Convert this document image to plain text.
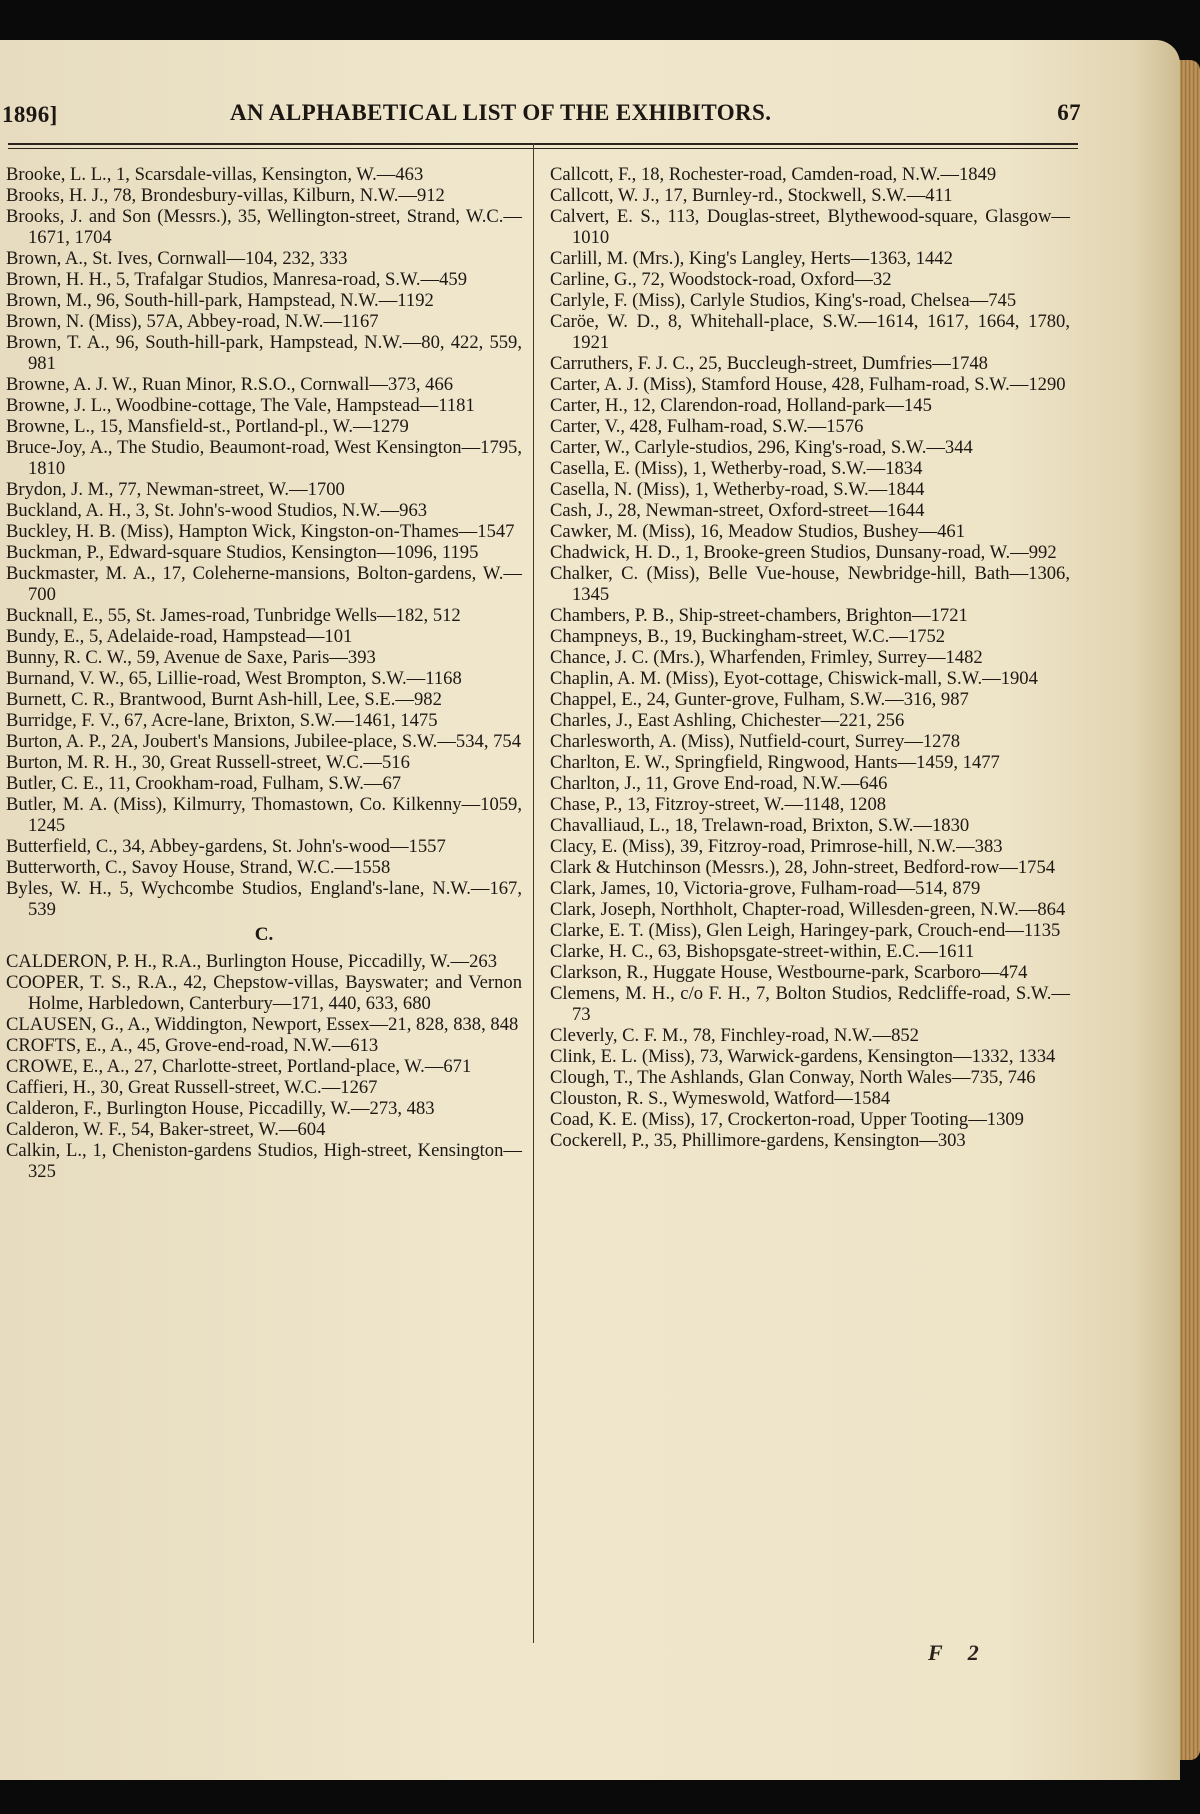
1896]	AN ALPHABETICAL LIST OF THE EXHIBITORS.	67

Brooke, L. L., 1, Scarsdale-villas, Kensington, W.—463

Brooks, H. J., 78, Brondesbury-villas, Kilburn, N.W.—912

Brooks, J. and Son (Messrs.), 35, Wellington-street, Strand, W.C.—1671, 1704

Brown, A., St. Ives, Cornwall—104, 232, 333

Brown, H. H., 5, Trafalgar Studios, Manresa-road, S.W.—459

Brown, M., 96, South-hill-park, Hampstead, N.W.—1192

Brown, N. (Miss), 57A, Abbey-road, N.W.—1167

Brown, T. A., 96, South-hill-park, Hampstead, N.W.—80, 422, 559, 981

Browne, A. J. W., Ruan Minor, R.S.O., Cornwall—373, 466

Browne, J. L., Woodbine-cottage, The Vale, Hampstead—1181

Browne, L., 15, Mansfield-st., Portland-pl., W.—1279

Bruce-Joy, A., The Studio, Beaumont-road, West Kensington—1795, 1810

Brydon, J. M., 77, Newman-street, W.—1700

Buckland, A. H., 3, St. John's-wood Studios, N.W.—963

Buckley, H. B. (Miss), Hampton Wick, Kingston-on-Thames—1547

Buckman, P., Edward-square Studios, Kensington—1096, 1195

Buckmaster, M. A., 17, Coleherne-mansions, Bolton-gardens, W.—700

Bucknall, E., 55, St. James-road, Tunbridge Wells—182, 512

Bundy, E., 5, Adelaide-road, Hampstead—101

Bunny, R. C. W., 59, Avenue de Saxe, Paris—393

Burnand, V. W., 65, Lillie-road, West Brompton, S.W.—1168

Burnett, C. R., Brantwood, Burnt Ash-hill, Lee, S.E.—982

Burridge, F. V., 67, Acre-lane, Brixton, S.W.—1461, 1475

Burton, A. P., 2A, Joubert's Mansions, Jubilee-place, S.W.—534, 754

Burton, M. R. H., 30, Great Russell-street, W.C.—516

Butler, C. E., 11, Crookham-road, Fulham, S.W.—67

Butler, M. A. (Miss), Kilmurry, Thomastown, Co. Kilkenny—1059, 1245

Butterfield, C., 34, Abbey-gardens, St. John's-wood—1557

Butterworth, C., Savoy House, Strand, W.C.—1558

Byles, W. H., 5, Wychcombe Studios, England's-lane, N.W.—167, 539

C.

CALDERON, P. H., R.A., Burlington House, Piccadilly, W.—263

COOPER, T. S., R.A., 42, Chepstow-villas, Bayswater; and Vernon Holme, Harbledown, Canterbury—171, 440, 633, 680

CLAUSEN, G., A., Widdington, Newport, Essex—21, 828, 838, 848

CROFTS, E., A., 45, Grove-end-road, N.W.—613

CROWE, E., A., 27, Charlotte-street, Portland-place, W.—671

Caffieri, H., 30, Great Russell-street, W.C.—1267

Calderon, F., Burlington House, Piccadilly, W.—273, 483

Calderon, W. F., 54, Baker-street, W.—604

Calkin, L., 1, Cheniston-gardens Studios, High-street, Kensington—325

Callcott, F., 18, Rochester-road, Camden-road, N.W.—1849

Callcott, W. J., 17, Burnley-rd., Stockwell, S.W.—411

Calvert, E. S., 113, Douglas-street, Blythewood-square, Glasgow—1010

Carlill, M. (Mrs.), King's Langley, Herts—1363, 1442

Carline, G., 72, Woodstock-road, Oxford—32

Carlyle, F. (Miss), Carlyle Studios, King's-road, Chelsea—745

Caröe, W. D., 8, Whitehall-place, S.W.—1614, 1617, 1664, 1780, 1921

Carruthers, F. J. C., 25, Buccleugh-street, Dumfries—1748

Carter, A. J. (Miss), Stamford House, 428, Fulham-road, S.W.—1290

Carter, H., 12, Clarendon-road, Holland-park—145

Carter, V., 428, Fulham-road, S.W.—1576

Carter, W., Carlyle-studios, 296, King's-road, S.W.—344

Casella, E. (Miss), 1, Wetherby-road, S.W.—1834

Casella, N. (Miss), 1, Wetherby-road, S.W.—1844

Cash, J., 28, Newman-street, Oxford-street—1644

Cawker, M. (Miss), 16, Meadow Studios, Bushey—461

Chadwick, H. D., 1, Brooke-green Studios, Dunsany-road, W.—992

Chalker, C. (Miss), Belle Vue-house, Newbridge-hill, Bath—1306, 1345

Chambers, P. B., Ship-street-chambers, Brighton—1721

Champneys, B., 19, Buckingham-street, W.C.—1752

Chance, J. C. (Mrs.), Wharfenden, Frimley, Surrey—1482

Chaplin, A. M. (Miss), Eyot-cottage, Chiswick-mall, S.W.—1904

Chappel, E., 24, Gunter-grove, Fulham, S.W.—316, 987

Charles, J., East Ashling, Chichester—221, 256

Charlesworth, A. (Miss), Nutfield-court, Surrey—1278

Charlton, E. W., Springfield, Ringwood, Hants—1459, 1477

Charlton, J., 11, Grove End-road, N.W.—646

Chase, P., 13, Fitzroy-street, W.—1148, 1208

Chavalliaud, L., 18, Trelawn-road, Brixton, S.W.—1830

Clacy, E. (Miss), 39, Fitzroy-road, Primrose-hill, N.W.—383

Clark & Hutchinson (Messrs.), 28, John-street, Bedford-row—1754

Clark, James, 10, Victoria-grove, Fulham-road—514, 879

Clark, Joseph, Northholt, Chapter-road, Willesden-green, N.W.—864

Clarke, E. T. (Miss), Glen Leigh, Haringey-park, Crouch-end—1135

Clarke, H. C., 63, Bishopsgate-street-within, E.C.—1611

Clarkson, R., Huggate House, Westbourne-park, Scarboro—474

Clemens, M. H., c/o F. H., 7, Bolton Studios, Redcliffe-road, S.W.—73

Cleverly, C. F. M., 78, Finchley-road, N.W.—852

Clink, E. L. (Miss), 73, Warwick-gardens, Kensington—1332, 1334

Clough, T., The Ashlands, Glan Conway, North Wales—735, 746

Clouston, R. S., Wymeswold, Watford—1584

Coad, K. E. (Miss), 17, Crockerton-road, Upper Tooting—1309

Cockerell, P., 35, Phillimore-gardens, Kensington—303

F 2
